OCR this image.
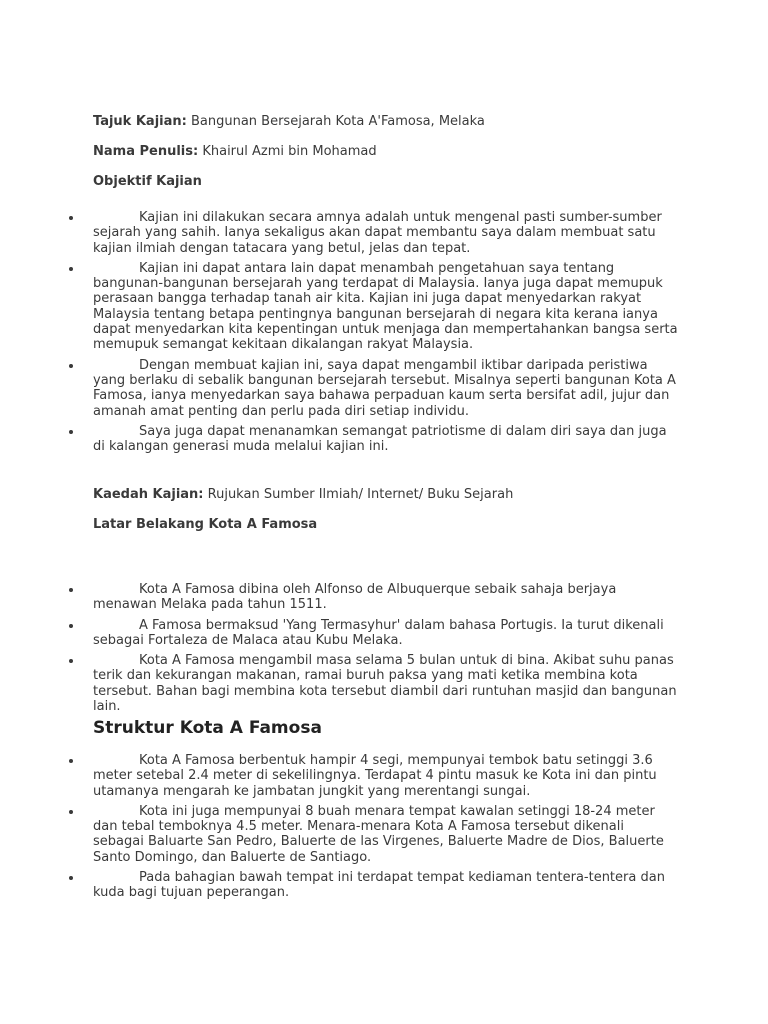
Tajuk Kajian: Bangunan Bersejarah Kota A'Famosa, Melaka

Nama Penulis: Khairul Azmi bin Mohamad

Objektif Kajian

Kajian ini dilakukan secara amnya adalah untuk mengenal pasti sumber-sumber sejarah yang sahih. Ianya sekaligus akan dapat membantu saya dalam membuat satu kajian ilmiah dengan tatacara yang betul, jelas dan tepat.
Kajian ini dapat antara lain dapat menambah pengetahuan saya tentang bangunan-bangunan bersejarah yang terdapat di Malaysia. Ianya juga dapat memupuk perasaan bangga terhadap tanah air kita. Kajian ini juga dapat menyedarkan rakyat Malaysia tentang betapa pentingnya bangunan bersejarah di negara kita kerana ianya dapat menyedarkan kita kepentingan untuk menjaga dan mempertahankan bangsa serta memupuk semangat kekitaan dikalangan rakyat Malaysia.
Dengan membuat kajian ini, saya dapat mengambil iktibar daripada peristiwa yang berlaku di sebalik bangunan bersejarah tersebut. Misalnya seperti bangunan Kota A Famosa, ianya menyedarkan saya bahawa perpaduan kaum serta bersifat adil, jujur dan amanah amat penting dan perlu pada diri setiap individu.
Saya juga dapat menanamkan semangat patriotisme di dalam diri saya dan juga di kalangan generasi muda melalui kajian ini.

Kaedah Kajian: Rujukan Sumber Ilmiah/ Internet/ Buku Sejarah

Latar Belakang Kota A Famosa

Kota A Famosa dibina oleh Alfonso de Albuquerque sebaik sahaja berjaya menawan Melaka pada tahun 1511.
A Famosa bermaksud 'Yang Termasyhur' dalam bahasa Portugis. Ia turut dikenali sebagai Fortaleza de Malaca atau Kubu Melaka.
Kota A Famosa mengambil masa selama 5 bulan untuk di bina. Akibat suhu panas terik dan kekurangan makanan, ramai buruh paksa yang mati ketika membina kota tersebut. Bahan bagi membina kota tersebut diambil dari runtuhan masjid dan bangunan lain.

Struktur Kota A Famosa

Kota A Famosa berbentuk hampir 4 segi, mempunyai tembok batu setinggi 3.6 meter setebal 2.4 meter di sekelilingnya. Terdapat 4 pintu masuk ke Kota ini dan pintu utamanya mengarah ke jambatan jungkit yang merentangi sungai.
Kota ini juga mempunyai 8 buah menara tempat kawalan setinggi 18-24 meter dan tebal temboknya 4.5 meter. Menara-menara Kota A Famosa tersebut dikenali sebagai Baluarte San Pedro, Baluerte de las Virgenes, Baluerte Madre de Dios, Baluerte Santo Domingo, dan Baluerte de Santiago.
Pada bahagian bawah tempat ini terdapat tempat kediaman tentera-tentera dan kuda bagi tujuan peperangan.
